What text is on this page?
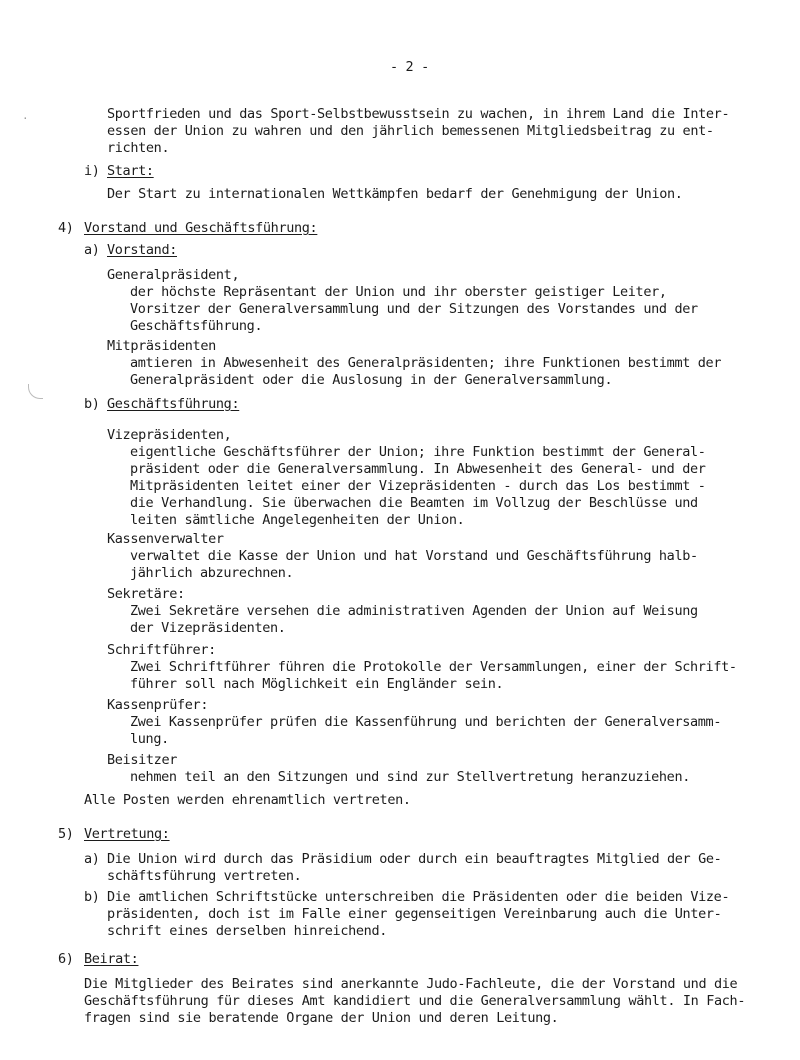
- 2 -
·	Sportfrieden und das Sport-Selbstbewusstsein zu wachen, in ihrem Land die Inter-
essen der Union zu wahren und den jährlich bemessenen Mitgliedsbeitrag zu ent-
richten.
i) Start:
Der Start zu internationalen Wettkämpfen bedarf der Genehmigung der Union.
4) Vorstand und Geschäftsführung:
a) Vorstand:
Generalpräsident,
der höchste Repräsentant der Union und ihr oberster geistiger Leiter,
Vorsitzer der Generalversammlung und der Sitzungen des Vorstandes und der
Geschäftsführung.
Mitpräsidenten
amtieren in Abwesenheit des Generalpräsidenten; ihre Funktionen bestimmt der
Generalpräsident oder die Auslosung in der Generalversammlung.
b) Geschäftsführung:
Vizepräsidenten,
eigentliche Geschäftsführer der Union; ihre Funktion bestimmt der General-
präsident oder die Generalversammlung. In Abwesenheit des General- und der
Mitpräsidenten leitet einer der Vizepräsidenten - durch das Los bestimmt -
die Verhandlung. Sie überwachen die Beamten im Vollzug der Beschlüsse und
leiten sämtliche Angelegenheiten der Union.
Kassenverwalter
verwaltet die Kasse der Union und hat Vorstand und Geschäftsführung halb-
jährlich abzurechnen.
Sekretäre:
Zwei Sekretäre versehen die administrativen Agenden der Union auf Weisung
der Vizepräsidenten.
Schriftführer:
Zwei Schriftführer führen die Protokolle der Versammlungen, einer der Schrift-
führer soll nach Möglichkeit ein Engländer sein.
Kassenprüfer:
Zwei Kassenprüfer prüfen die Kassenführung und berichten der Generalversamm-
lung.
Beisitzer
nehmen teil an den Sitzungen und sind zur Stellvertretung heranzuziehen.
Alle Posten werden ehrenamtlich vertreten.
5) Vertretung:
a) Die Union wird durch das Präsidium oder durch ein beauftragtes Mitglied der Ge-
schäftsführung vertreten.
b) Die amtlichen Schriftstücke unterschreiben die Präsidenten oder die beiden Vize-
präsidenten, doch ist im Falle einer gegenseitigen Vereinbarung auch die Unter-
schrift eines derselben hinreichend.
6) Beirat:
Die Mitglieder des Beirates sind anerkannte Judo-Fachleute, die der Vorstand und die
Geschäftsführung für dieses Amt kandidiert und die Generalversammlung wählt. In Fach-
fragen sind sie beratende Organe der Union und deren Leitung.
